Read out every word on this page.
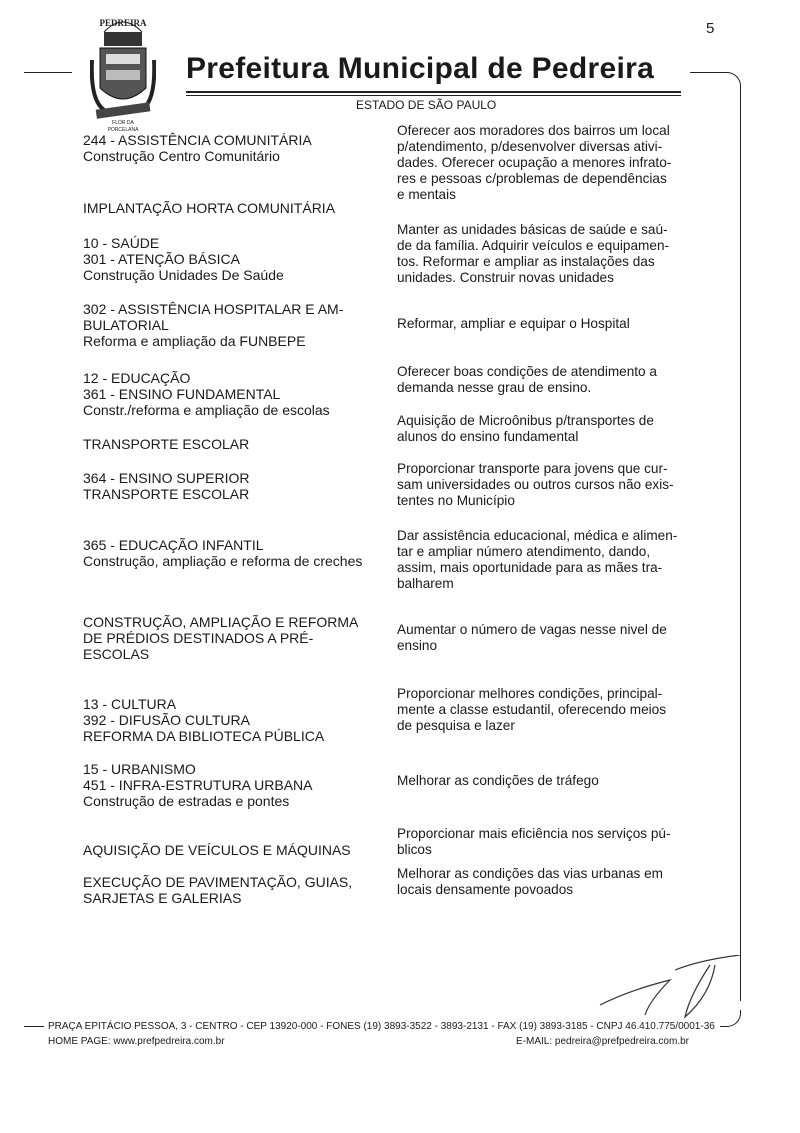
5
PEDREIRA
FLOR DA
PORCELANA
Prefeitura Municipal de Pedreira
ESTADO DE SÃO PAULO
244 - ASSISTÊNCIA COMUNITÁRIA
Construção Centro Comunitário
Oferecer aos moradores dos bairros um local
p/atendimento, p/desenvolver diversas ativi-
dades. Oferecer ocupação a menores infrato-
res e pessoas c/problemas de dependências
e mentais
IMPLANTAÇÃO HORTA COMUNITÁRIA
10 - SAÚDE
301 - ATENÇÃO BÁSICA
Construção Unidades De Saúde
Manter as unidades básicas de saúde e saú-
de da família. Adquirir veículos e equipamen-
tos. Reformar e ampliar as instalações das
unidades. Construir novas unidades
302 - ASSISTÊNCIA HOSPITALAR E AM-
BULATORIAL
Reforma e ampliação da FUNBEPE
Reformar, ampliar e equipar o Hospital
12 - EDUCAÇÃO
361 - ENSINO FUNDAMENTAL
Constr./reforma e ampliação de escolas
Oferecer boas condições de atendimento a
demanda nesse grau de ensino.
TRANSPORTE ESCOLAR
Aquisição de Microônibus p/transportes de
alunos do ensino fundamental
364 - ENSINO SUPERIOR
TRANSPORTE ESCOLAR
Proporcionar transporte para jovens que cur-
sam universidades ou outros cursos não exis-
tentes no Município
365 - EDUCAÇÃO INFANTIL
Construção, ampliação e reforma de creches
Dar assistência educacional, médica e alimen-
tar e ampliar número atendimento, dando,
assim, mais oportunidade para as mães tra-
balharem
CONSTRUÇÃO, AMPLIAÇÃO E REFORMA
DE PRÉDIOS DESTINADOS A PRÉ-
ESCOLAS
Aumentar o número de vagas nesse nivel de
ensino
13 - CULTURA
392 - DIFUSÃO CULTURA
REFORMA DA BIBLIOTECA PÚBLICA
Proporcionar melhores condições, principal-
mente a classe estudantil, oferecendo meios
de pesquisa e lazer
15 - URBANISMO
451 - INFRA-ESTRUTURA URBANA
Construção de estradas e pontes
Melhorar as condições de tráfego
AQUISIÇÃO DE VEÍCULOS E MÁQUINAS
Proporcionar mais eficiência nos serviços pú-
blicos
EXECUÇÃO DE PAVIMENTAÇÃO, GUIAS,
SARJETAS E GALERIAS
Melhorar as condições das vias urbanas em
locais densamente povoados
PRAÇA EPITÁCIO PESSOA, 3 - CENTRO - CEP 13920-000 - FONES (19) 3893-3522 - 3893-2131 - FAX (19) 3893-3185 - CNPJ 46.410.775/0001-36
HOME PAGE: www.prefpedreira.com.br	E-MAIL: pedreira@prefpedreira.com.br
